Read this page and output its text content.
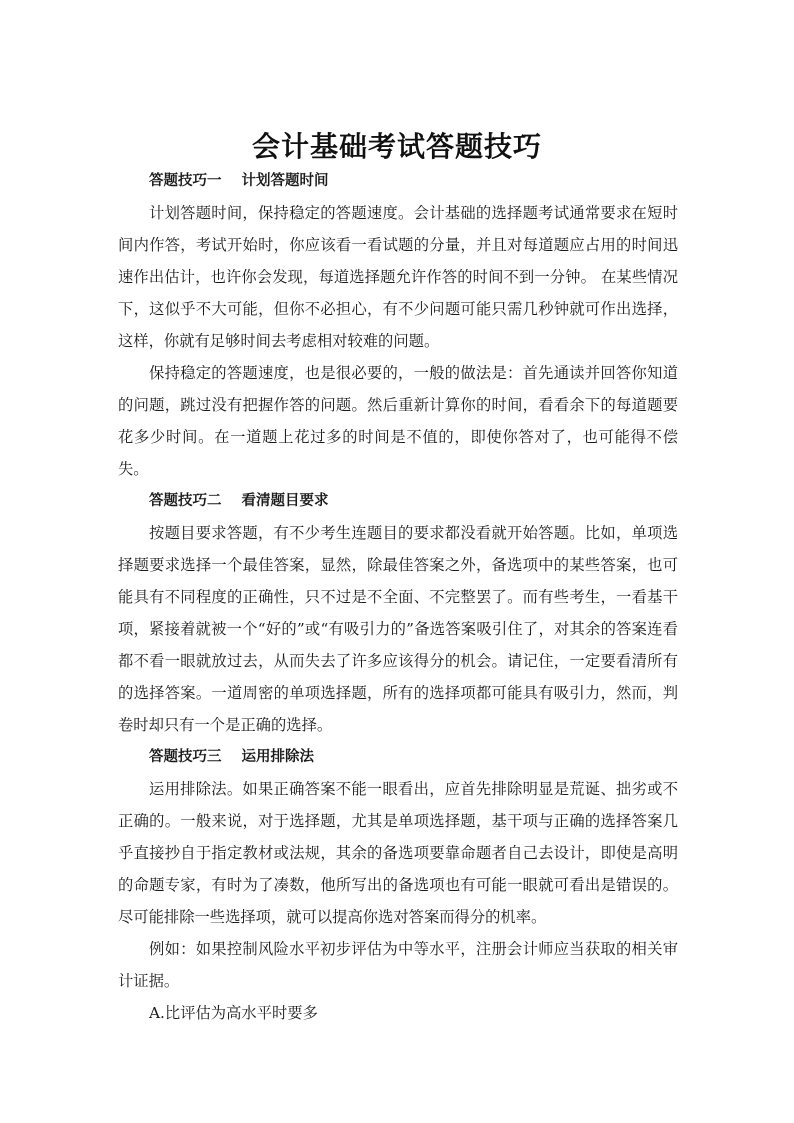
会计基础考试答题技巧

答题技巧一 计划答题时间

计划答题时间，保持稳定的答题速度。会计基础的选择题考试通常要求在短时间内作答，考试开始时，你应该看一看试题的分量，并且对每道题应占用的时间迅速作出估计，也许你会发现，每道选择题允许作答的时间不到一分钟。 在某些情况下，这似乎不大可能，但你不必担心，有不少问题可能只需几秒钟就可作出选择，这样，你就有足够时间去考虑相对较难的问题。

保持稳定的答题速度，也是很必要的，一般的做法是：首先通读并回答你知道的问题，跳过没有把握作答的问题。然后重新计算你的时间，看看余下的每道题要花多少时间。在一道题上花过多的时间是不值的，即使你答对了，也可能得不偿失。

答题技巧二 看清题目要求

按题目要求答题，有不少考生连题目的要求都没看就开始答题。比如，单项选择题要求选择一个最佳答案，显然，除最佳答案之外，备选项中的某些答案，也可能具有不同程度的正确性，只不过是不全面、不完整罢了。而有些考生，一看基干项，紧接着就被一个“好的”或“有吸引力的”备选答案吸引住了，对其余的答案连看都不看一眼就放过去，从而失去了许多应该得分的机会。请记住，一定要看清所有的选择答案。一道周密的单项选择题，所有的选择项都可能具有吸引力，然而，判卷时却只有一个是正确的选择。

答题技巧三 运用排除法

运用排除法。如果正确答案不能一眼看出，应首先排除明显是荒诞、拙劣或不正确的。一般来说，对于选择题，尤其是单项选择题，基干项与正确的选择答案几乎直接抄自于指定教材或法规，其余的备选项要靠命题者自己去设计，即使是高明的命题专家，有时为了凑数，他所写出的备选项也有可能一眼就可看出是错误的。尽可能排除一些选择项，就可以提高你选对答案而得分的机率。

例如：如果控制风险水平初步评估为中等水平，注册会计师应当获取的相关审计证据。

A.比评估为高水平时要多
